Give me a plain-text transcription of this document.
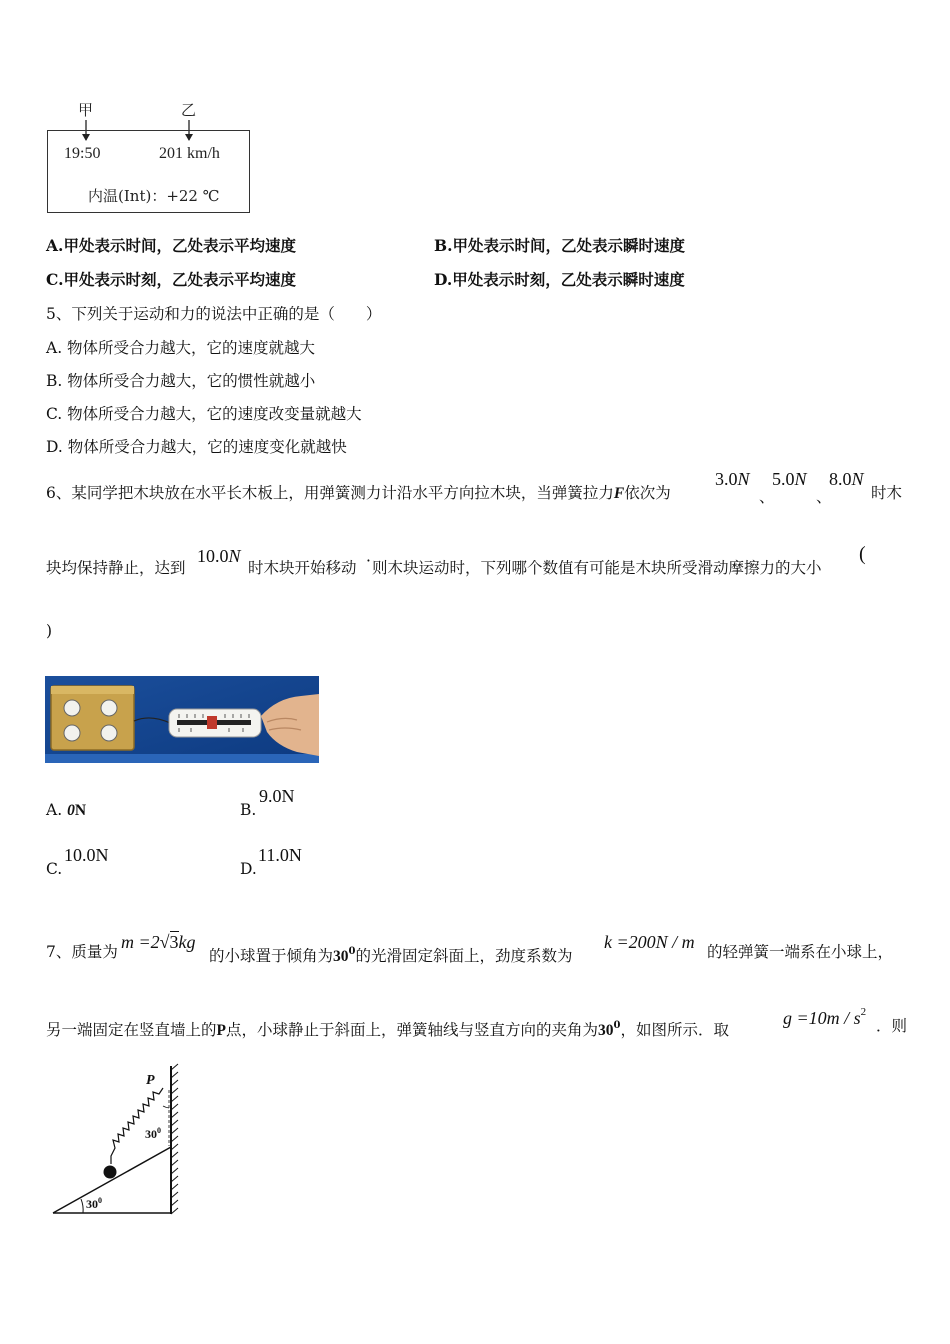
甲	乙
19:50	201 km/h
内温(Int)：+22 ℃
A.甲处表示时间，乙处表示平均速度	B.甲处表示时间，乙处表示瞬时速度
C.甲处表示时刻，乙处表示平均速度	D.甲处表示时刻，乙处表示瞬时速度
5、下列关于运动和力的说法中正确的是（　　）
A. 物体所受合力越大，它的速度就越大
B. 物体所受合力越大，它的惯性就越小
C. 物体所受合力越大，它的速度改变量就越大
D. 物体所受合力越大，它的速度变化就越快
6、某同学把木块放在水平长木板上，用弹簧测力计沿水平方向拉木块，当弹簧拉力F依次为
3.0N
、
5.0N
、
8.0N
时木
块均保持静止，达到
10.0N
时木块开始移动 · 则木块运动时，下列哪个数值有可能是木块所受滑动摩擦力的大小
(
)
A. 0N	B.
9.0N
C.
10.0N
D.
11.0N
7、质量为 m =2√3kg
的小球置于倾角为$30^0$的光滑固定斜面上，劲度系数为
k =200N / m 的轻弹簧一端系在小球上，
另一端固定在竖直墙上的P点，小球静止于斜面上，弹簧轴线与竖直方向的夹角为$30^0$，如图所示．取
$g =10m / s^2$
．则
P
$30^0$
$30^0$
